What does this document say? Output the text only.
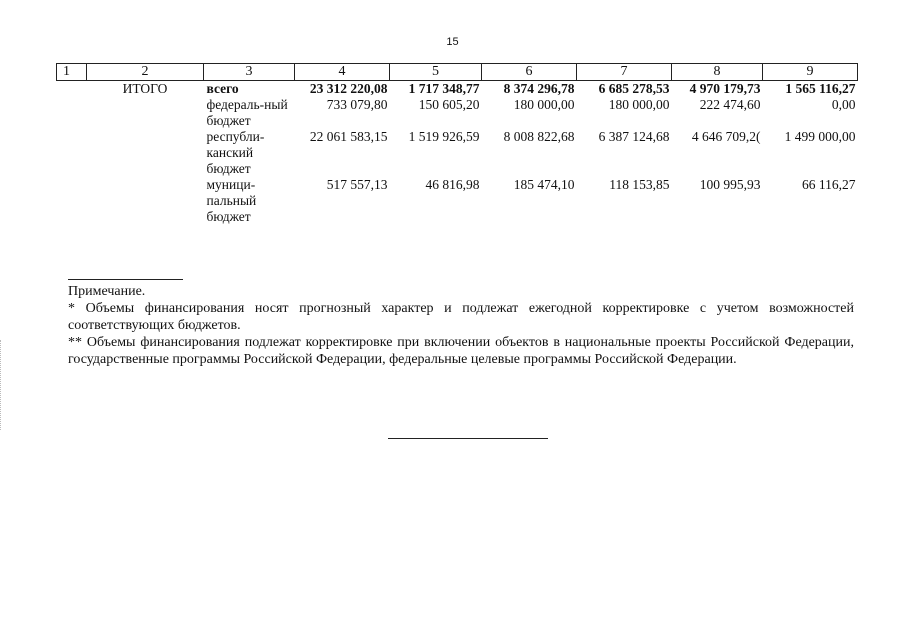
15
1	2	3	4	5	6	7	8	9
	ИТОГО	всего	23 312 220,08	1 717 348,77	8 374 296,78	6 685 278,53	4 970 179,73	1 565 116,27
		федераль-ный бюджет	733 079,80	150 605,20	180 000,00	180 000,00	222 474,60	0,00
		республи-канский бюджет	22 061 583,15	1 519 926,59	8 008 822,68	6 387 124,68	4 646 709,2(	1 499 000,00
		муници-пальный бюджет	517 557,13	46 816,98	185 474,10	118 153,85	100 995,93	66 116,27

Примечание.

* Объемы финансирования носят прогнозный характер и подлежат ежегодной корректировке с учетом возможностей соответствующих бюджетов.

** Объемы финансирования подлежат корректировке при включении объектов в национальные проекты Российской Федерации, государственные программы Российской Федерации, федеральные целевые программы Российской Федерации.
